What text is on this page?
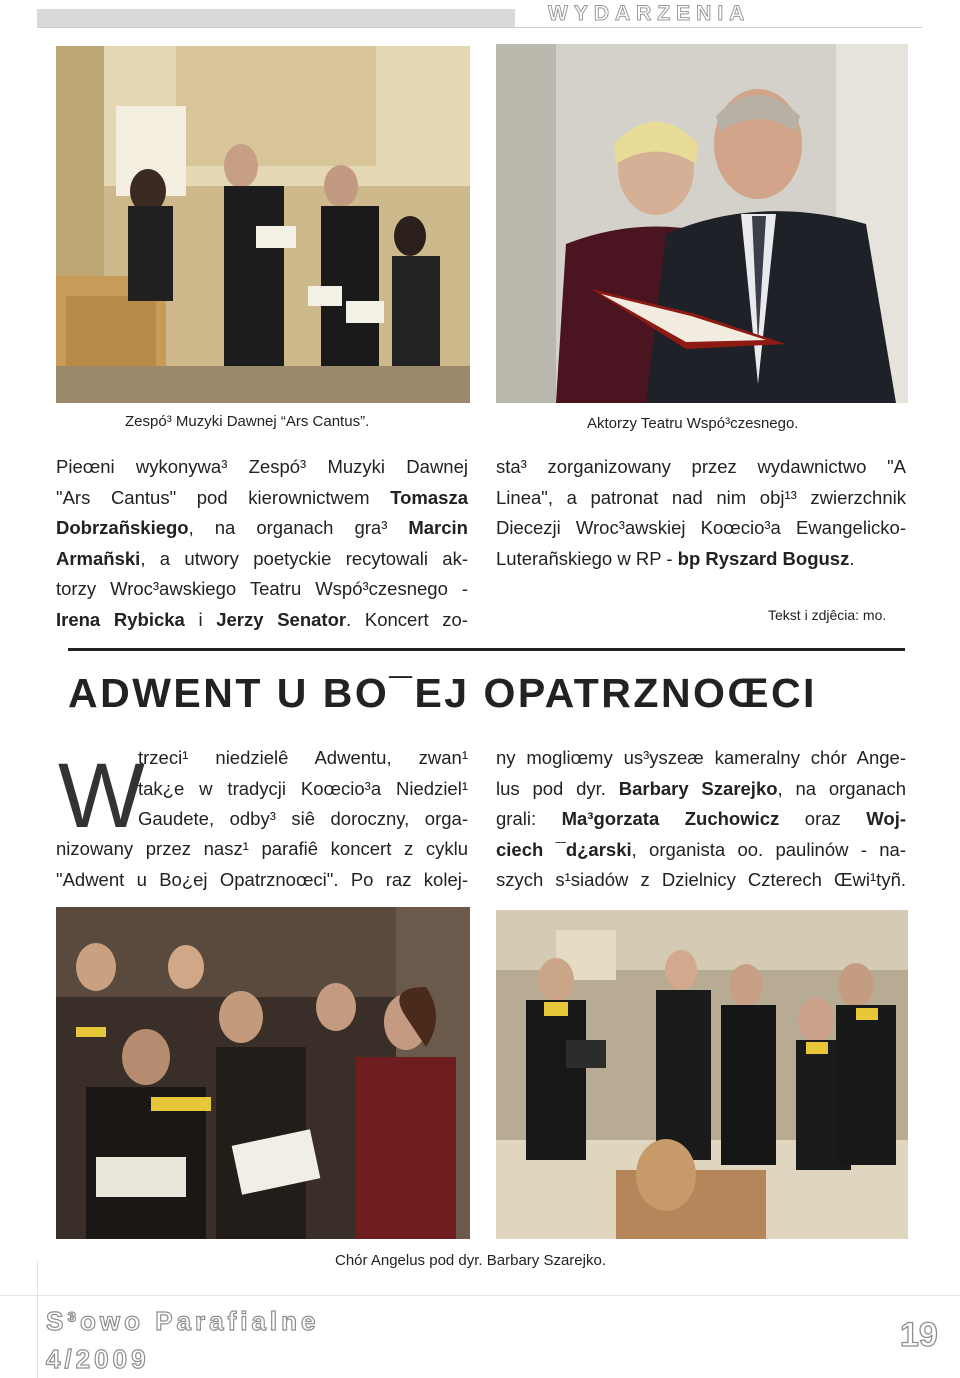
WYDARZENIA
Zespó³ Muzyki Dawnej “Ars Cantus”.	Aktorzy Teatru Wspó³czesnego.
Pieœni wykonywa³ Zespó³ Muzyki Dawnej
"Ars Cantus" pod kierownictwem Tomasza
Dobrzañskiego, na organach gra³ Marcin
Armañski, a utwory poetyckie recytowali ak-
torzy Wroc³awskiego Teatru Wspó³czesnego -
Irena Rybicka i Jerzy Senator. Koncert zo-
sta³ zorganizowany przez wydawnictwo "A
Linea", a patronat nad nim obj¹³ zwierzchnik
Diecezji Wroc³awskiej Koœcio³a Ewangelicko-
Luterañskiego w RP - bp Ryszard Bogusz.
Tekst i zdjêcia: mo.
ADWENT U BO¯EJ OPATRZNOŒCI
W
trzeci¹ niedzielê Adwentu, zwan¹
tak¿e w tradycji Koœcio³a Niedziel¹
Gaudete, odby³ siê doroczny, orga-
nizowany przez nasz¹ parafiê koncert z cyklu
"Adwent u Bo¿ej Opatrznoœci". Po raz kolej-
ny mogliœmy us³yszeæ kameralny chór Ange-
lus pod dyr. Barbary Szarejko, na organach
grali: Ma³gorzata Zuchowicz oraz Woj-
ciech ¯d¿arski, organista oo. paulinów - na-
szych s¹siadów z Dzielnicy Czterech Œwi¹tyñ.
Chór Angelus pod dyr. Barbary Szarejko.
S³owo Parafialne
4/2009
19
